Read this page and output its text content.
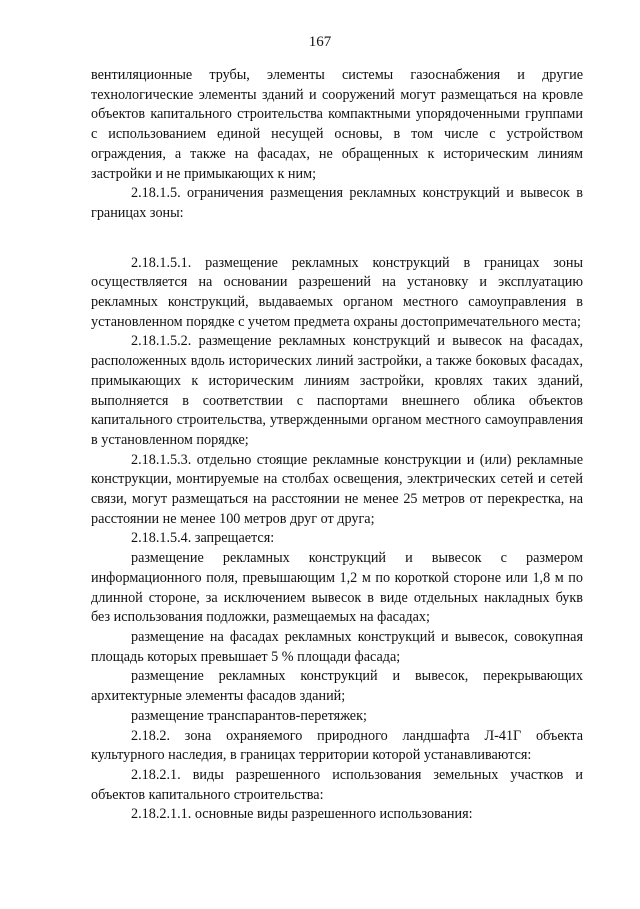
167

вентиляционные трубы, элементы системы газоснабжения и другие технологические элементы зданий и сооружений могут размещаться на кровле объектов капитального строительства компактными упорядоченными группами с использованием единой несущей основы, в том числе с устройством ограждения, а также на фасадах, не обращенных к историческим линиям застройки и не примыкающих к ним;

2.18.1.5. ограничения размещения рекламных конструкций и вывесок в границах зоны:

2.18.1.5.1. размещение рекламных конструкций в границах зоны осуществляется на основании разрешений на установку и эксплуатацию рекламных конструкций, выдаваемых органом местного самоуправления в установленном порядке с учетом предмета охраны достопримечательного места;

2.18.1.5.2. размещение рекламных конструкций и вывесок на фасадах, расположенных вдоль исторических линий застройки, а также боковых фасадах, примыкающих к историческим линиям застройки, кровлях таких зданий, выполняется в соответствии с паспортами внешнего облика объектов капитального строительства, утвержденными органом местного самоуправления в установленном порядке;

2.18.1.5.3. отдельно стоящие рекламные конструкции и (или) рекламные конструкции, монтируемые на столбах освещения, электрических сетей и сетей связи, могут размещаться на расстоянии не менее 25 метров от перекрестка, на расстоянии не менее 100 метров друг от друга;

2.18.1.5.4. запрещается:

размещение рекламных конструкций и вывесок с размером информационного поля, превышающим 1,2 м по короткой стороне или 1,8 м по длинной стороне, за исключением вывесок в виде отдельных накладных букв без использования подложки, размещаемых на фасадах;

размещение на фасадах рекламных конструкций и вывесок, совокупная площадь которых превышает 5 % площади фасада;

размещение рекламных конструкций и вывесок, перекрывающих архитектурные элементы фасадов зданий;

размещение транспарантов-перетяжек;

2.18.2. зона охраняемого природного ландшафта Л-41Г объекта культурного наследия, в границах территории которой устанавливаются:

2.18.2.1. виды разрешенного использования земельных участков и объектов капитального строительства:

2.18.2.1.1. основные виды разрешенного использования:
